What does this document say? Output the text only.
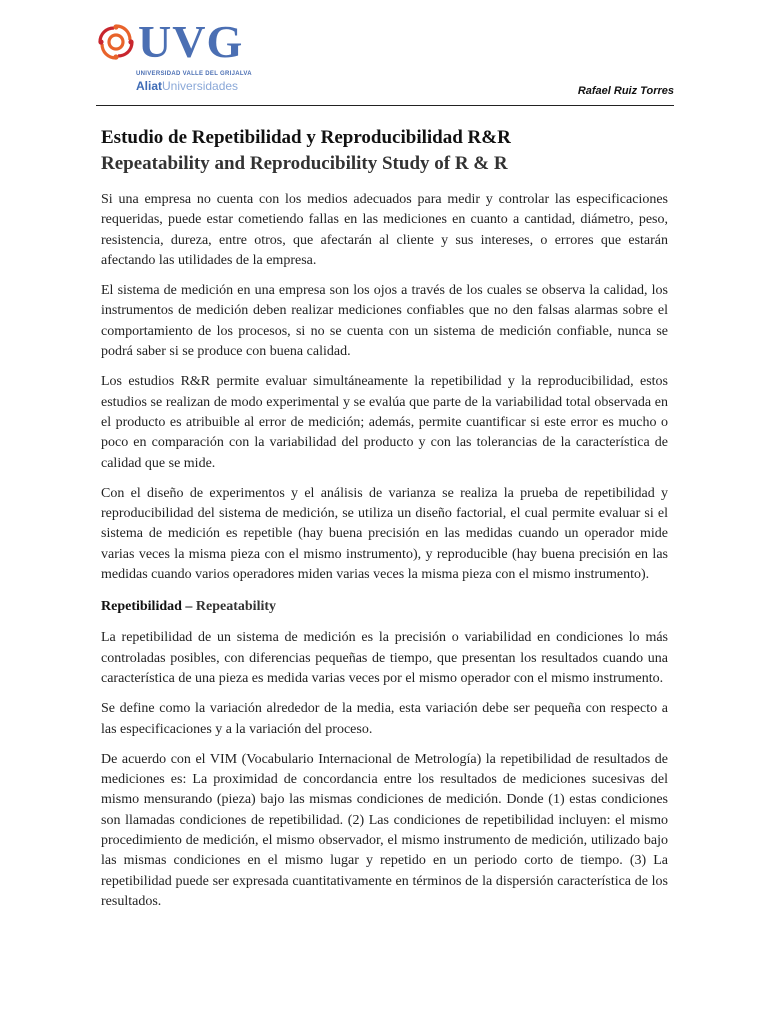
UVG
UNIVERSIDAD VALLE DEL GRIJALVA
AliatUniversidades	Rafael Ruiz Torres
Estudio de Repetibilidad y Reproducibilidad R&R
Repeatability and Reproducibility Study of R & R

Si una empresa no cuenta con los medios adecuados para medir y controlar las especificaciones requeridas, puede estar cometiendo fallas en las mediciones en cuanto a cantidad, diámetro, peso, resistencia, dureza, entre otros, que afectarán al cliente y sus intereses, o errores que estarán afectando las utilidades de la empresa.

El sistema de medición en una empresa son los ojos a través de los cuales se observa la calidad, los instrumentos de medición deben realizar mediciones confiables que no den falsas alarmas sobre el comportamiento de los procesos, si no se cuenta con un sistema de medición confiable, nunca se podrá saber si se produce con buena calidad.

Los estudios R&R permite evaluar simultáneamente la repetibilidad y la reproducibilidad, estos estudios se realizan de modo experimental y se evalúa que parte de la variabilidad total observada en el producto es atribuible al error de medición; además, permite cuantificar si este error es mucho o poco en comparación con la variabilidad del producto y con las tolerancias de la característica de calidad que se mide.

Con el diseño de experimentos y el análisis de varianza se realiza la prueba de repetibilidad y reproducibilidad del sistema de medición, se utiliza un diseño factorial, el cual permite evaluar si el sistema de medición es repetible (hay buena precisión en las medidas cuando un operador mide varias veces la misma pieza con el mismo instrumento), y reproducible (hay buena precisión en las medidas cuando varios operadores miden varias veces la misma pieza con el mismo instrumento).

Repetibilidad – Repeatability

La repetibilidad de un sistema de medición es la precisión o variabilidad en condiciones lo más controladas posibles, con diferencias pequeñas de tiempo, que presentan los resultados cuando una característica de una pieza es medida varias veces por el mismo operador con el mismo instrumento.

Se define como la variación alrededor de la media, esta variación debe ser pequeña con respecto a las especificaciones y a la variación del proceso.

De acuerdo con el VIM (Vocabulario Internacional de Metrología) la repetibilidad de resultados de mediciones es: La proximidad de concordancia entre los resultados de mediciones sucesivas del mismo mensurando (pieza) bajo las mismas condiciones de medición. Donde (1) estas condiciones son llamadas condiciones de repetibilidad. (2) Las condiciones de repetibilidad incluyen: el mismo procedimiento de medición, el mismo observador, el mismo instrumento de medición, utilizado bajo las mismas condiciones en el mismo lugar y repetido en un periodo corto de tiempo. (3) La repetibilidad puede ser expresada cuantitativamente en términos de la dispersión característica de los resultados.
